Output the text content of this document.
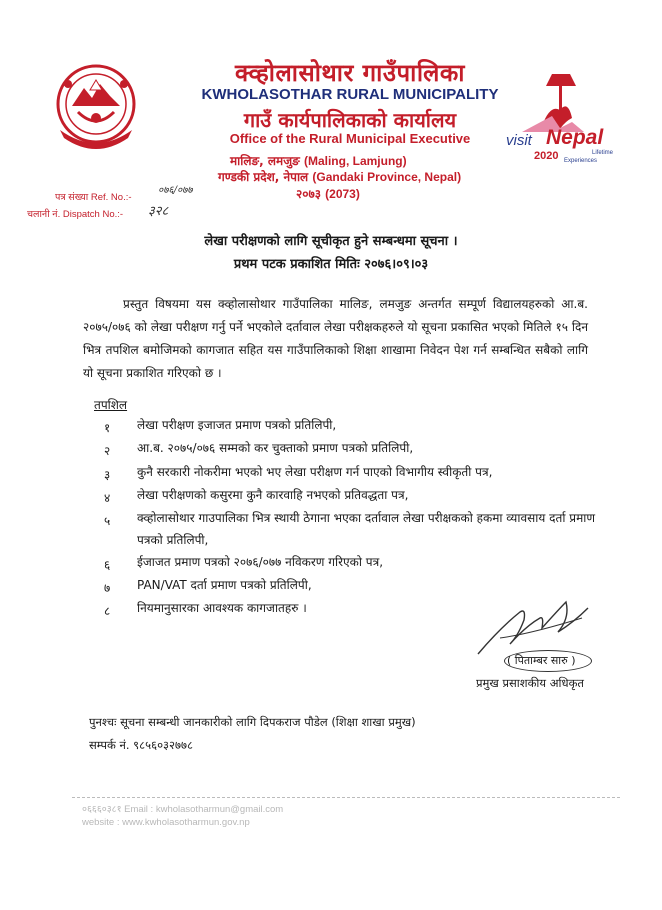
क्व्होलासोथार गाउँपालिका
KWHOLASOTHAR RURAL MUNICIPALITY
गाउँ कार्यपालिकाको कार्यालय
Office of the Rural Municipal Executive
मालिङ, लमजुङ (Maling, Lamjung)
गण्डकी प्रदेश, नेपाल (Gandaki Province, Nepal)
२०७३ (2073)
visit Nepal
2020	Lifetime
Experiences
पत्र संख्या Ref. No.:-
०७६/०७७
चलानी नं. Dispatch No.:- ३२८
लेखा परीक्षणको लागि सूचीकृत हुने सम्बन्धमा सूचना ।
प्रथम पटक प्रकाशित मितिः २०७६।०९।०३
प्रस्तुत विषयमा यस क्व्होलासोथार गाउँपालिका मालिङ, लमजुङ अन्तर्गत सम्पूर्ण विद्यालयहरुको आ.ब. २०७५/०७६ को लेखा परीक्षण गर्नु पर्ने भएकोले दर्तावाल लेखा परीक्षकहरुले यो सूचना प्रकासित भएको मितिले १५ दिन भित्र तपशिल बमोजिमको कागजात सहित यस गाउँपालिकाको शिक्षा शाखामा निवेदन पेश गर्न सम्बन्धित सबैको लागि यो सूचना प्रकाशित गरिएको छ ।
तपशिल
१	लेखा परीक्षण इजाजत प्रमाण पत्रको प्रतिलिपी,
२	आ.ब. २०७५/०७६ सम्मको कर चुक्ताको प्रमाण पत्रको प्रतिलिपी,
३	कुनै सरकारी नोकरीमा भएको भए लेखा परीक्षण गर्न पाएको विभागीय स्वीकृती पत्र,
४	लेखा परीक्षणको कसुरमा कुनै कारवाहि नभएको प्रतिवद्धता पत्र,
५	क्व्होलासोथार गाउपालिका भित्र स्थायी ठेगाना भएका दर्तावाल लेखा परीक्षकको हकमा व्यावसाय दर्ता प्रमाण पत्रको प्रतिलिपी,
६	ईजाजत प्रमाण पत्रको २०७६/०७७ नविकरण गरिएको पत्र,
७	PAN/VAT दर्ता प्रमाण पत्रको प्रतिलिपी,
८	नियमानुसारका आवश्यक कागजातहरु ।
( पिताम्बर सारु )
प्रमुख प्रसाशकीय अधिकृत
पुनश्चः सूचना सम्बन्धी जानकारीको लागि दिपकराज पौडेल (शिक्षा शाखा प्रमुख)
सम्पर्क नं. ९८५६०३२७७८
०६६६०३८१ Email : kwholasotharmun@gmail.com
website : www.kwholasotharmun.gov.np
